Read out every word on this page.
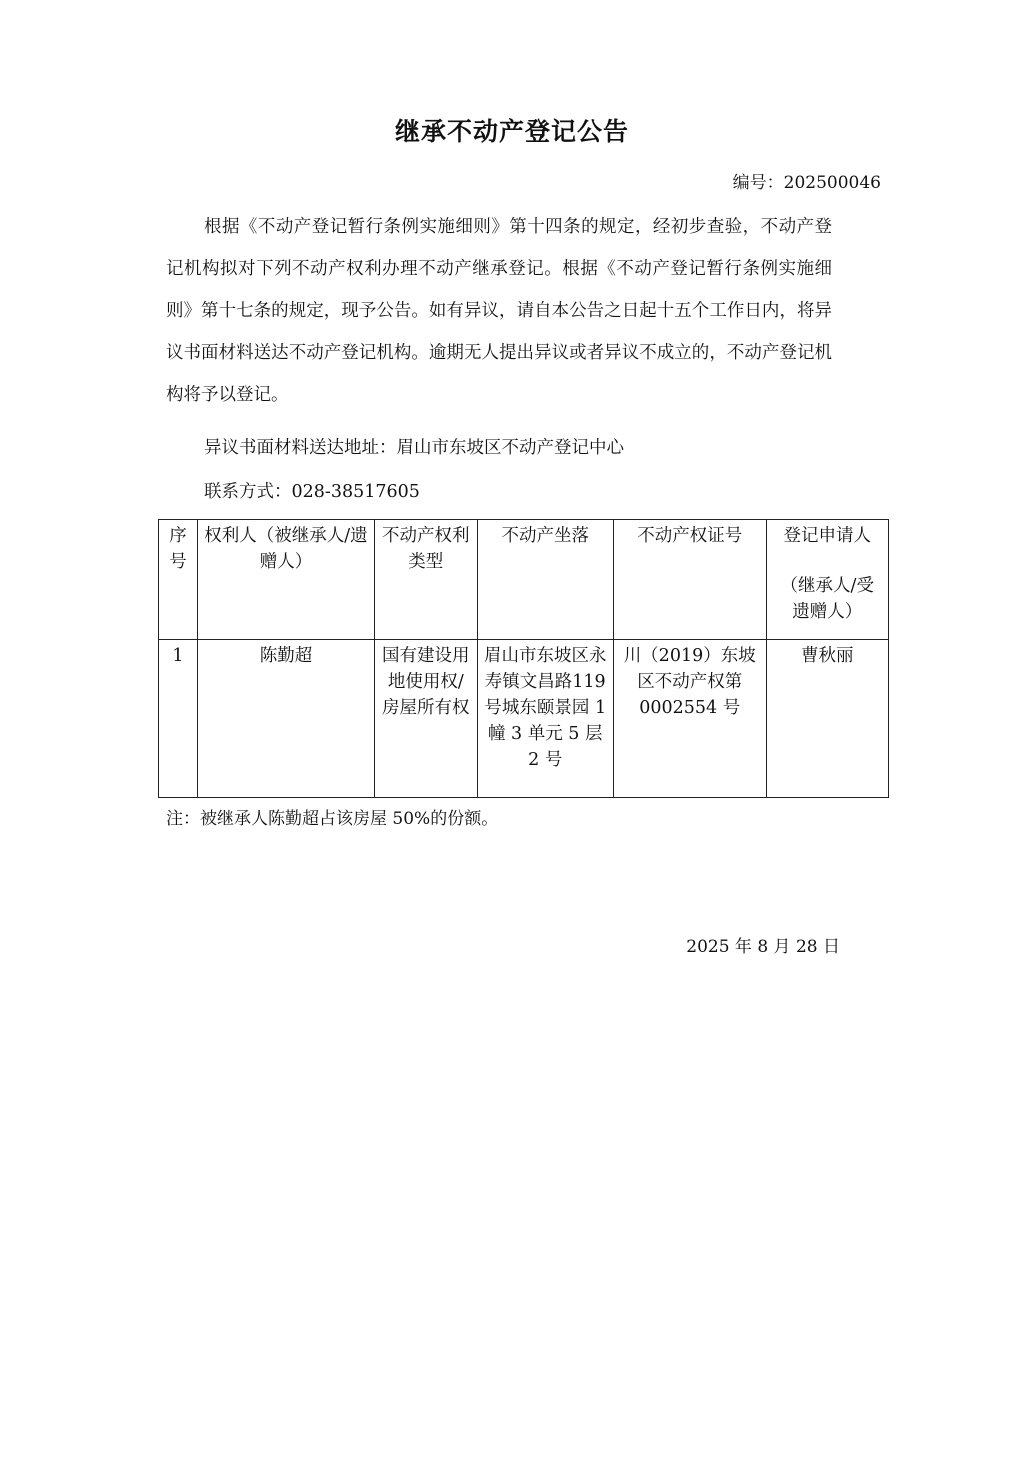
继承不动产登记公告
编号：202500046

根据《不动产登记暂行条例实施细则》第十四条的规定，经初步查验，不动产登记机构拟对下列不动产权利办理不动产继承登记。根据《不动产登记暂行条例实施细则》第十七条的规定，现予公告。如有异议，请自本公告之日起十五个工作日内，将异议书面材料送达不动产登记机构。逾期无人提出异议或者异议不成立的，不动产登记机构将予以登记。

异议书面材料送达地址：眉山市东坡区不动产登记中心
联系方式：028-38517605
序号	权利人（被继承人/遗赠人）	不动产权利类型	不动产坐落	不动产权证号	登记申请人
（继承人/受遗赠人）

1	陈勤超	国有建设用地使用权/房屋所有权	眉山市东坡区永寿镇文昌路119 号城东颐景园 1 幢 3 单元 5 层 2 号	川（2019）东坡区不动产权第0002554 号	曹秋丽
注：被继承人陈勤超占该房屋 50%的份额。
2025 年 8 月 28 日
